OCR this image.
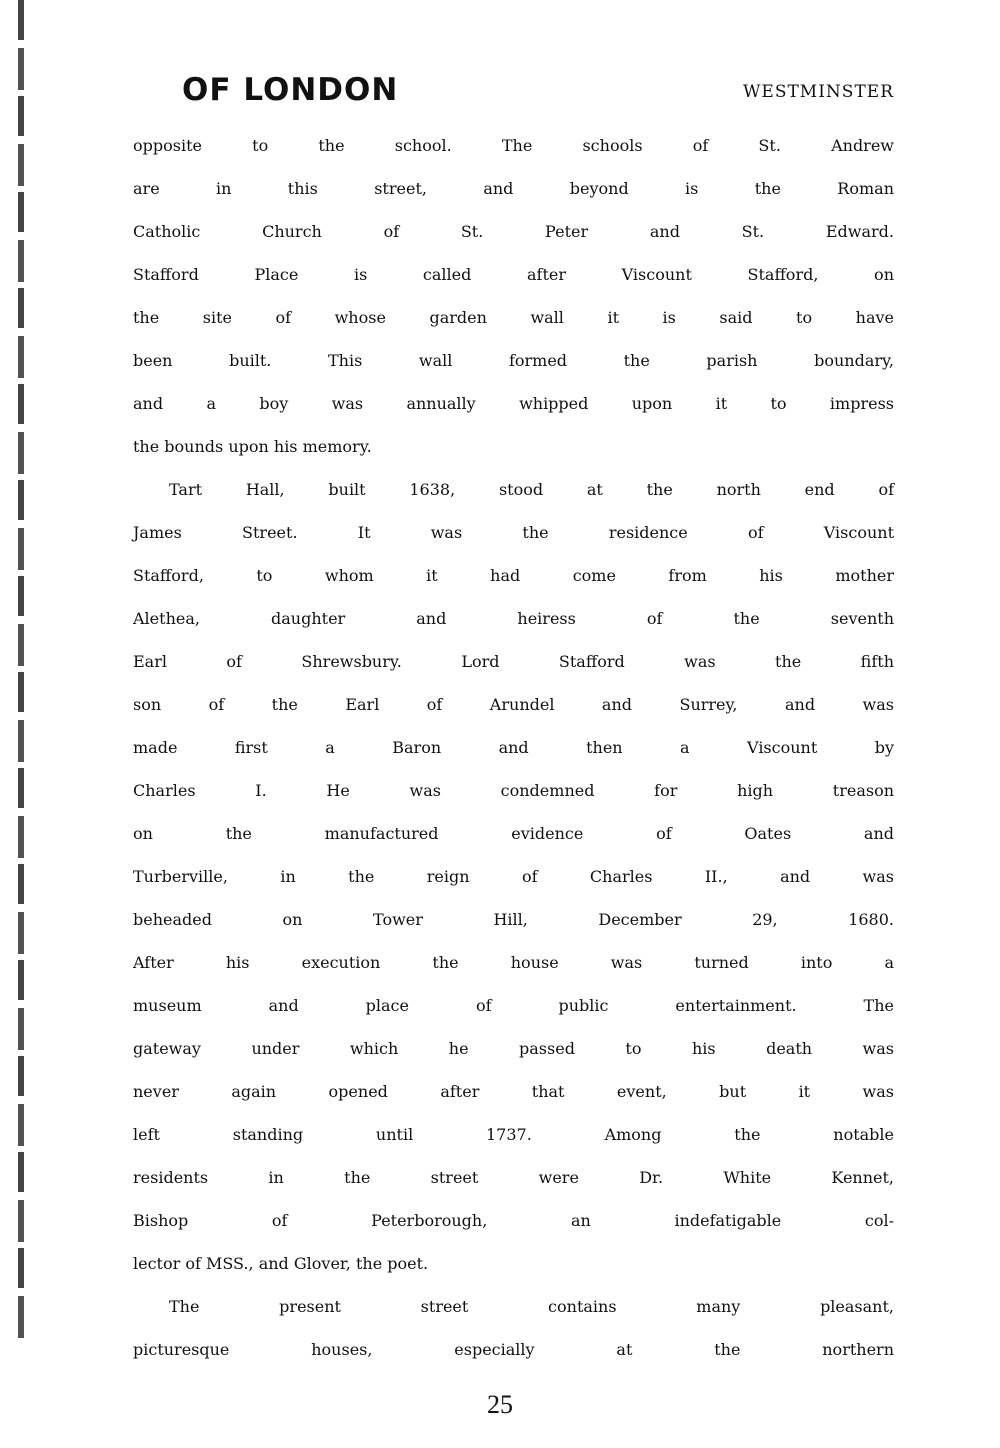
OF LONDON	WESTMINSTER
opposite to the school. The schools of St. Andrew
are in this street, and beyond is the Roman
Catholic Church of St. Peter and St. Edward.
Stafford Place is called after Viscount Stafford, on
the site of whose garden wall it is said to have
been built. This wall formed the parish boundary,
and a boy was annually whipped upon it to impress
the bounds upon his memory.
Tart Hall, built 1638, stood at the north end of
James Street. It was the residence of Viscount
Stafford, to whom it had come from his mother
Alethea, daughter and heiress of the seventh
Earl of Shrewsbury. Lord Stafford was the fifth
son of the Earl of Arundel and Surrey, and was
made first a Baron and then a Viscount by
Charles I. He was condemned for high treason
on the manufactured evidence of Oates and
Turberville, in the reign of Charles II., and was
beheaded on Tower Hill, December 29, 1680.
After his execution the house was turned into a
museum and place of public entertainment. The
gateway under which he passed to his death was
never again opened after that event, but it was
left standing until 1737. Among the notable
residents in the street were Dr. White Kennet,
Bishop of Peterborough, an indefatigable col-
lector of MSS., and Glover, the poet.
The present street contains many pleasant,
picturesque houses, especially at the northern
25
